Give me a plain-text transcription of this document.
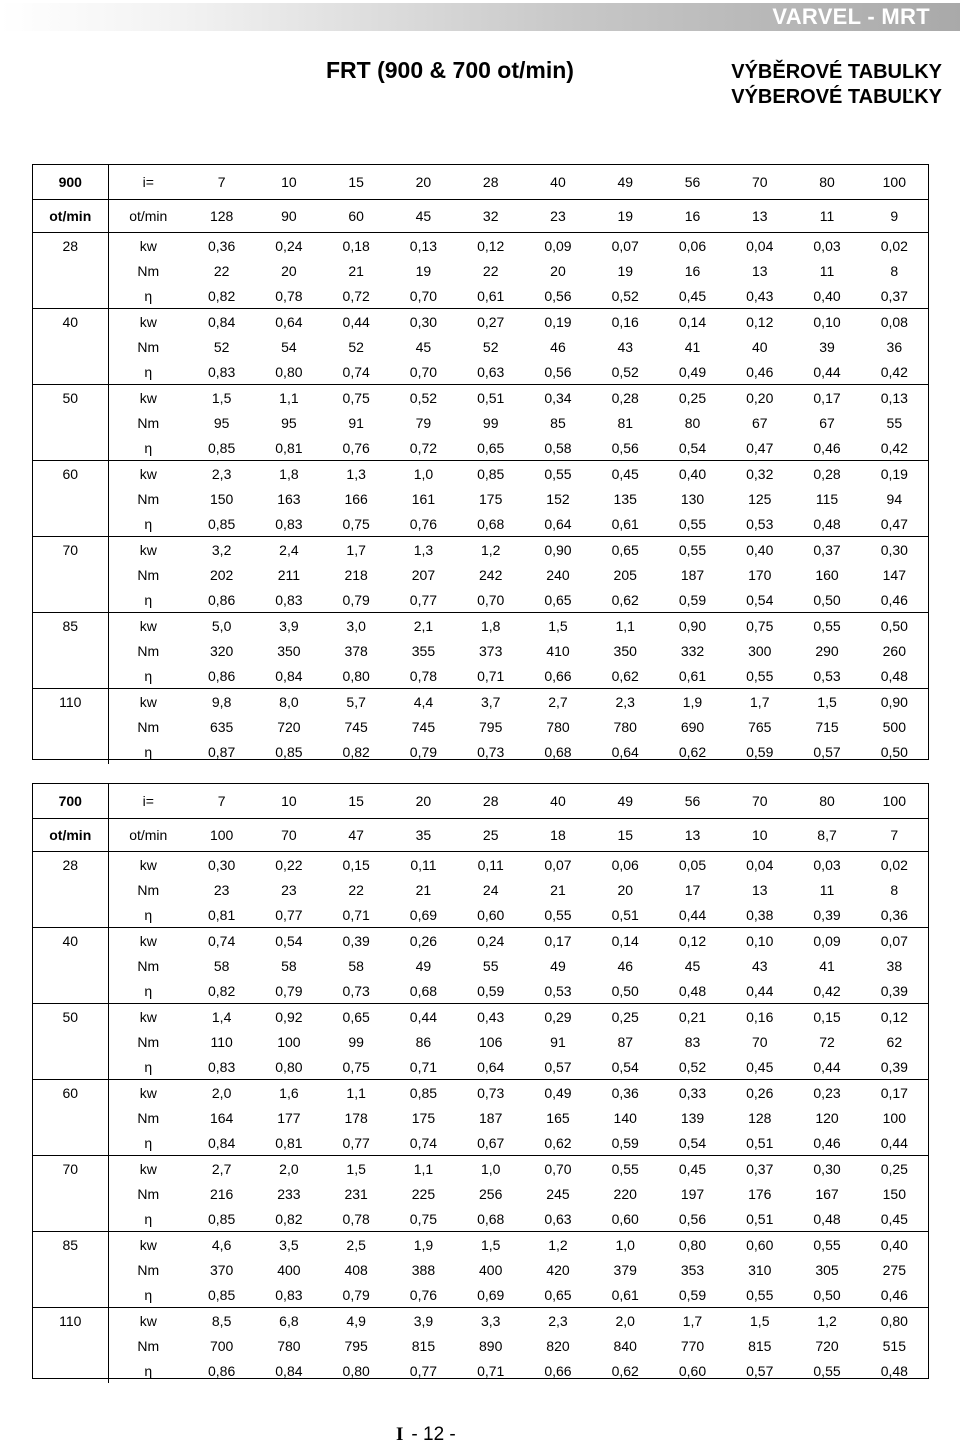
VARVEL - MRT
FRT (900 & 700 ot/min)	VÝBĚROVÉ TABULKY
VÝBEROVÉ TABUĽKY
900	i=	7	10	15	20	28	40	49	56	70	80	100
ot/min	ot/min	128	90	60	45	32	23	19	16	13	11	9
28	kw	0,36	0,24	0,18	0,13	0,12	0,09	0,07	0,06	0,04	0,03	0,02
	Nm	22	20	21	19	22	20	19	16	13	11	8
	η	0,82	0,78	0,72	0,70	0,61	0,56	0,52	0,45	0,43	0,40	0,37
40	kw	0,84	0,64	0,44	0,30	0,27	0,19	0,16	0,14	0,12	0,10	0,08
	Nm	52	54	52	45	52	46	43	41	40	39	36
	η	0,83	0,80	0,74	0,70	0,63	0,56	0,52	0,49	0,46	0,44	0,42
50	kw	1,5	1,1	0,75	0,52	0,51	0,34	0,28	0,25	0,20	0,17	0,13
	Nm	95	95	91	79	99	85	81	80	67	67	55
	η	0,85	0,81	0,76	0,72	0,65	0,58	0,56	0,54	0,47	0,46	0,42
60	kw	2,3	1,8	1,3	1,0	0,85	0,55	0,45	0,40	0,32	0,28	0,19
	Nm	150	163	166	161	175	152	135	130	125	115	94
	η	0,85	0,83	0,75	0,76	0,68	0,64	0,61	0,55	0,53	0,48	0,47
70	kw	3,2	2,4	1,7	1,3	1,2	0,90	0,65	0,55	0,40	0,37	0,30
	Nm	202	211	218	207	242	240	205	187	170	160	147
	η	0,86	0,83	0,79	0,77	0,70	0,65	0,62	0,59	0,54	0,50	0,46
85	kw	5,0	3,9	3,0	2,1	1,8	1,5	1,1	0,90	0,75	0,55	0,50
	Nm	320	350	378	355	373	410	350	332	300	290	260
	η	0,86	0,84	0,80	0,78	0,71	0,66	0,62	0,61	0,55	0,53	0,48
110	kw	9,8	8,0	5,7	4,4	3,7	2,7	2,3	1,9	1,7	1,5	0,90
	Nm	635	720	745	745	795	780	780	690	765	715	500
	η	0,87	0,85	0,82	0,79	0,73	0,68	0,64	0,62	0,59	0,57	0,50
700	i=	7	10	15	20	28	40	49	56	70	80	100
ot/min	ot/min	100	70	47	35	25	18	15	13	10	8,7	7
28	kw	0,30	0,22	0,15	0,11	0,11	0,07	0,06	0,05	0,04	0,03	0,02
	Nm	23	23	22	21	24	21	20	17	13	11	8
	η	0,81	0,77	0,71	0,69	0,60	0,55	0,51	0,44	0,38	0,39	0,36
40	kw	0,74	0,54	0,39	0,26	0,24	0,17	0,14	0,12	0,10	0,09	0,07
	Nm	58	58	58	49	55	49	46	45	43	41	38
	η	0,82	0,79	0,73	0,68	0,59	0,53	0,50	0,48	0,44	0,42	0,39
50	kw	1,4	0,92	0,65	0,44	0,43	0,29	0,25	0,21	0,16	0,15	0,12
	Nm	110	100	99	86	106	91	87	83	70	72	62
	η	0,83	0,80	0,75	0,71	0,64	0,57	0,54	0,52	0,45	0,44	0,39
60	kw	2,0	1,6	1,1	0,85	0,73	0,49	0,36	0,33	0,26	0,23	0,17
	Nm	164	177	178	175	187	165	140	139	128	120	100
	η	0,84	0,81	0,77	0,74	0,67	0,62	0,59	0,54	0,51	0,46	0,44
70	kw	2,7	2,0	1,5	1,1	1,0	0,70	0,55	0,45	0,37	0,30	0,25
	Nm	216	233	231	225	256	245	220	197	176	167	150
	η	0,85	0,82	0,78	0,75	0,68	0,63	0,60	0,56	0,51	0,48	0,45
85	kw	4,6	3,5	2,5	1,9	1,5	1,2	1,0	0,80	0,60	0,55	0,40
	Nm	370	400	408	388	400	420	379	353	310	305	275
	η	0,85	0,83	0,79	0,76	0,69	0,65	0,61	0,59	0,55	0,50	0,46
110	kw	8,5	6,8	4,9	3,9	3,3	2,3	2,0	1,7	1,5	1,2	0,80
	Nm	700	780	795	815	890	820	840	770	815	720	515
	η	0,86	0,84	0,80	0,77	0,71	0,66	0,62	0,60	0,57	0,55	0,48
I - 12 -
